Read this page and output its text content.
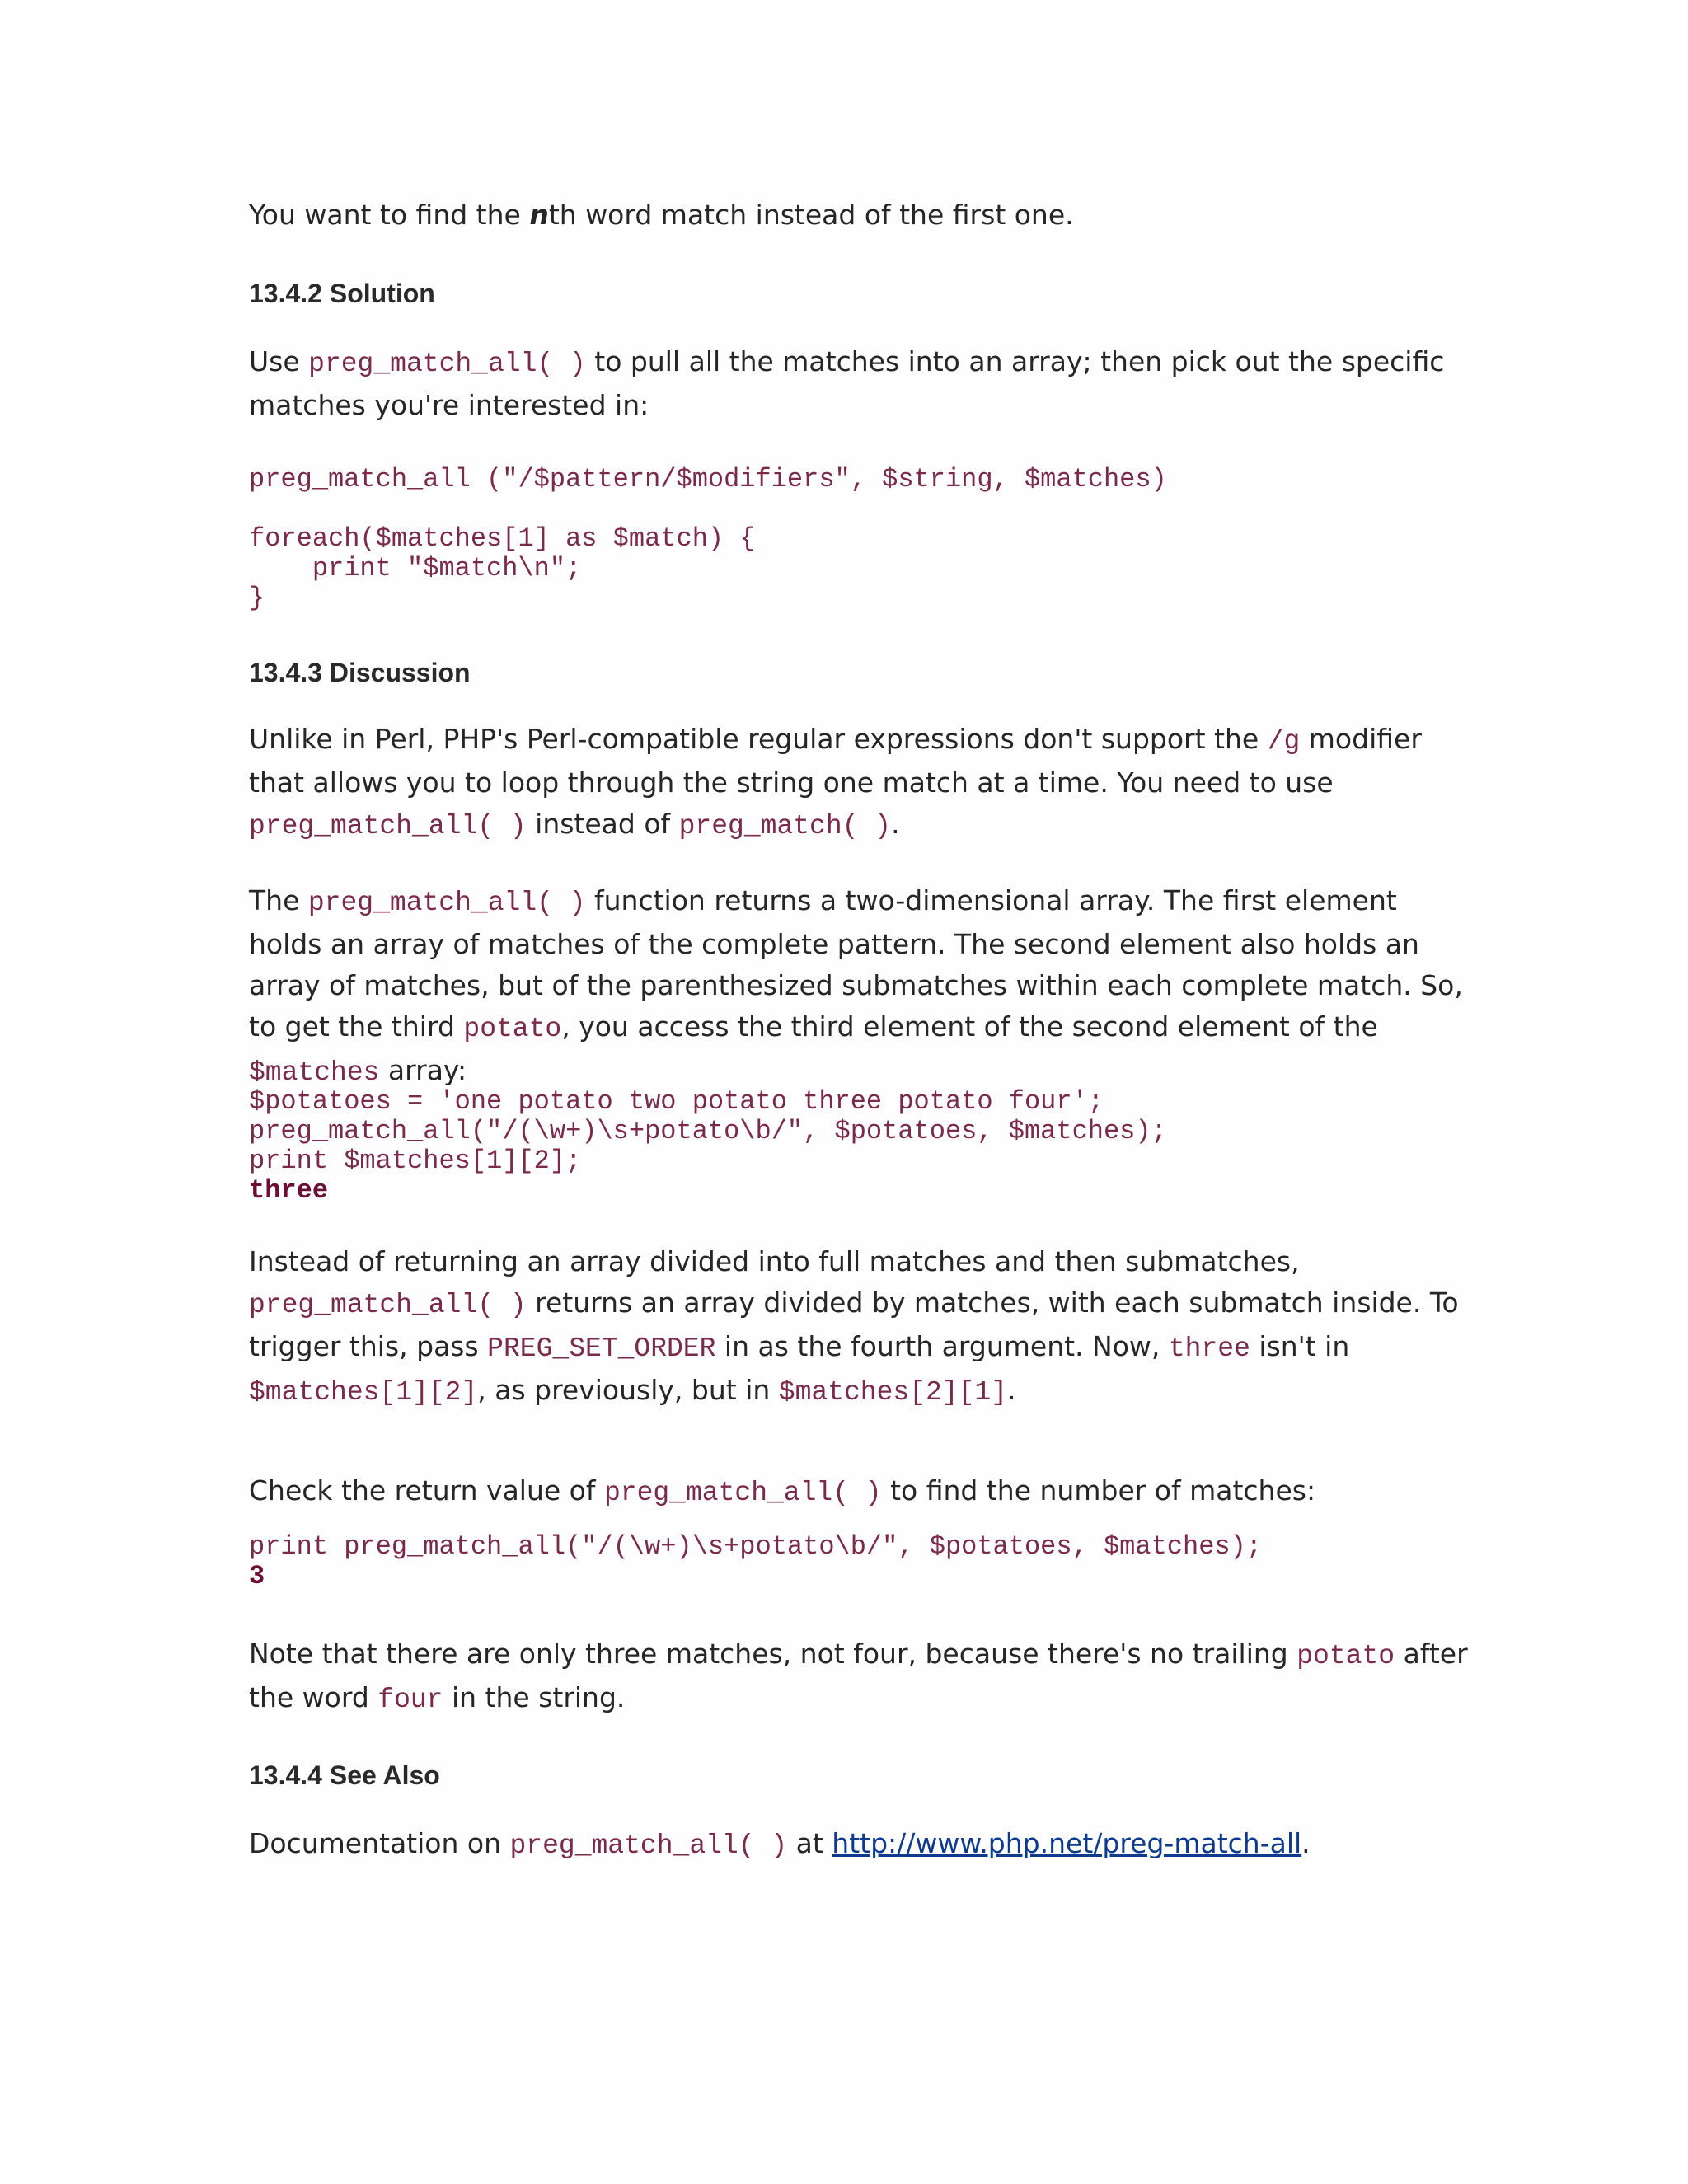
You want to find the nth word match instead of the first one.

13.4.2 Solution

Use preg_match_all( ) to pull all the matches into an array; then pick out the specific matches you're interested in:

preg_match_all ("/$pattern/$modifiers", $string, $matches)

foreach($matches[1] as $match) {
print "$match\n";
}
13.4.3 Discussion

Unlike in Perl, PHP's Perl-compatible regular expressions don't support the /g modifier that allows you to loop through the string one match at a time. You need to use preg_match_all( ) instead of preg_match( ).

The preg_match_all( ) function returns a two-dimensional array. The first element holds an array of matches of the complete pattern. The second element also holds an array of matches, but of the parenthesized submatches within each complete match. So, to get the third potato, you access the third element of the second element of the $matches array:

$potatoes = 'one potato two potato three potato four';
preg_match_all("/(\w+)\s+potato\b/", $potatoes, $matches);
print $matches[1][2];
three

Instead of returning an array divided into full matches and then submatches, preg_match_all( ) returns an array divided by matches, with each submatch inside. To trigger this, pass PREG_SET_ORDER in as the fourth argument. Now, three isn't in $matches[1][2], as previously, but in $matches[2][1].

Check the return value of preg_match_all( ) to find the number of matches:

print preg_match_all("/(\w+)\s+potato\b/", $potatoes, $matches);
3

Note that there are only three matches, not four, because there's no trailing potato after the word four in the string.

13.4.4 See Also

Documentation on preg_match_all( ) at http://www.php.net/preg-match-all.
